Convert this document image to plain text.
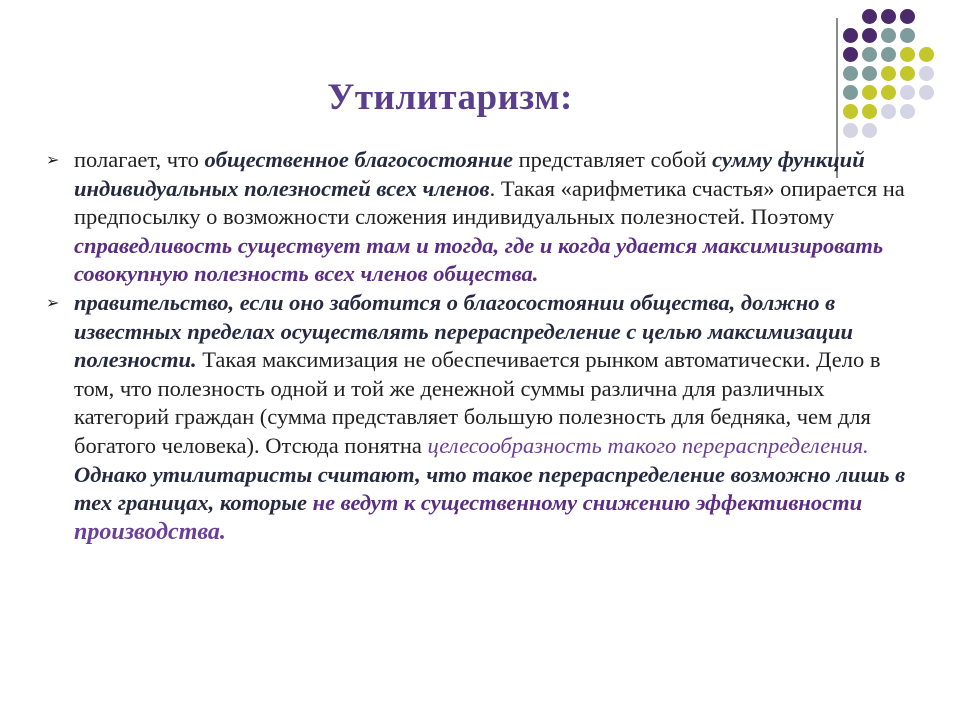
Утилитаризм:

➢ полагает, что общественное благосостояние представляет собой сумму функций индивидуальных полезностей всех членов. Такая «арифметика счастья» опирается на предпосылку о возможности сложения индивидуальных полезностей. Поэтому справедливость существует там и тогда, где и когда удается максимизировать совокупную полезность всех членов общества.

➢ правительство, если оно заботится о благосостоянии общества, должно в известных пределах осуществлять перераспределение с целью максимизации полезности. Такая максимизация не обеспечивается рынком автоматически. Дело в том, что полезность одной и той же денежной суммы различна для различных категорий граждан (сумма представляет большую полезность для бедняка, чем для богатого человека). Отсюда понятна целесообразность такого перераспределения. Однако утилитаристы считают, что такое перераспределение возможно лишь в тех границах, которые не ведут к существенному снижению эффективности производства.
